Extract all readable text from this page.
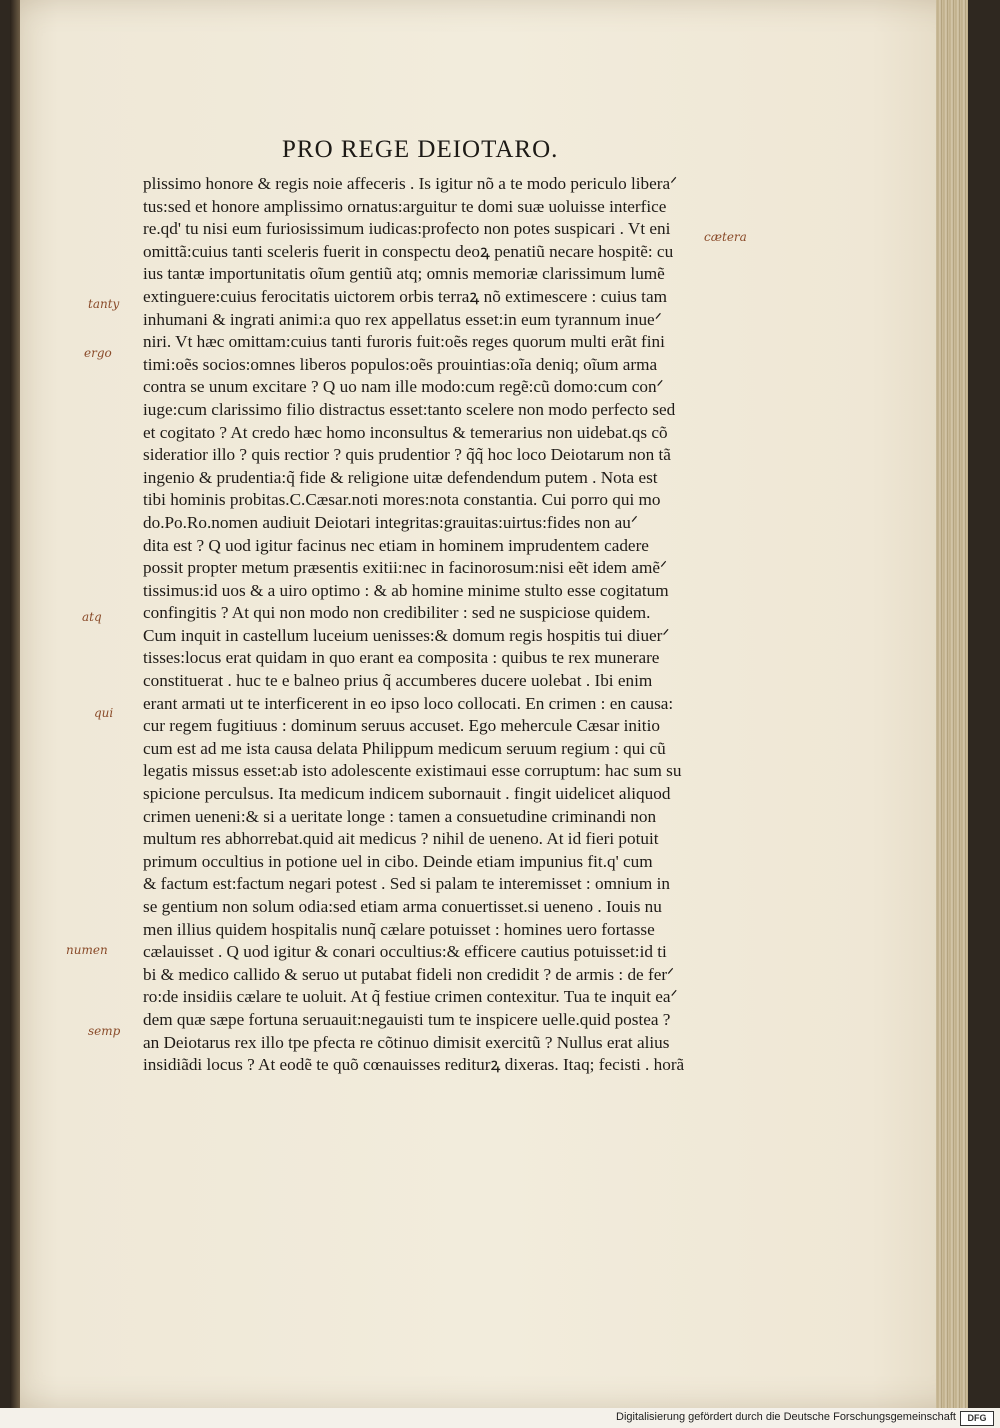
PRO REGE DEIOTARO.
plissimo honore & regis noie affeceris . Is igitur nõ a te modo periculo liberaᐟ
tus:sed et honore amplissimo ornatus:arguitur te domi suæ uoluisse interfice
re.qd' tu nisi eum furiosissimum iudicas:profecto non potes suspicari . Vt eni
omittã:cuius tanti sceleris fuerit in conspectu deoꝝ penatiũ necare hospitẽ: cu
ius tantæ importunitatis oĩum gentiũ atq; omnis memoriæ clarissimum lumẽ
extinguere:cuius ferocitatis uictorem orbis terraꝝ nõ extimescere : cuius tam
inhumani & ingrati animi:a quo rex appellatus esset:in eum tyrannum inueᐟ
niri. Vt hæc omittam:cuius tanti furoris fuit:oẽs reges quorum multi erãt fini
timi:oẽs socios:omnes liberos populos:oẽs prouintias:oĩa deniq; oĩum arma
contra se unum excitare ? Q uo nam ille modo:cum regẽ:cũ domo:cum conᐟ
iuge:cum clarissimo filio distractus esset:tanto scelere non modo perfecto sed
et cogitato ? At credo hæc homo inconsultus & temerarius non uidebat.qs cõ
sideratior illo ? quis rectior ? quis prudentior ? q̃q̃ hoc loco Deiotarum non tã
ingenio & prudentia:q̃ fide & religione uitæ defendendum putem . Nota est
tibi hominis probitas.C.Cæsar.noti mores:nota constantia. Cui porro qui mo
do.Po.Ro.nomen audiuit Deiotari integritas:grauitas:uirtus:fides non auᐟ
dita est ? Q uod igitur facinus nec etiam in hominem imprudentem cadere
possit propter metum præsentis exitii:nec in facinorosum:nisi eẽt idem amẽᐟ
tissimus:id uos & a uiro optimo : & ab homine minime stulto esse cogitatum
confingitis ? At qui non modo non credibiliter : sed ne suspiciose quidem.
Cum inquit in castellum luceium uenisses:& domum regis hospitis tui diuerᐟ
tisses:locus erat quidam in quo erant ea composita : quibus te rex munerare
constituerat . huc te e balneo prius q̃ accumberes ducere uolebat . Ibi enim
erant armati ut te interficerent in eo ipso loco collocati. En crimen : en causa:
cur regem fugitiuus : dominum seruus accuset. Ego mehercule Cæsar initio
cum est ad me ista causa delata Philippum medicum seruum regium : qui cũ
legatis missus esset:ab isto adolescente existimaui esse corruptum: hac sum su
spicione perculsus. Ita medicum indicem subornauit . fingit uidelicet aliquod
crimen ueneni:& si a ueritate longe : tamen a consuetudine criminandi non
multum res abhorrebat.quid ait medicus ? nihil de ueneno. At id fieri potuit
primum occultius in potione uel in cibo. Deinde etiam impunius fit.q' cum
& factum est:factum negari potest . Sed si palam te interemisset : omnium in
se gentium non solum odia:sed etiam arma conuertisset.si ueneno . Iouis nu
men illius quidem hospitalis nunq̃ cælare potuisset : homines uero fortasse
cælauisset . Q uod igitur & conari occultius:& efficere cautius potuisset:id ti
bi & medico callido & seruo ut putabat fideli non credidit ? de armis : de ferᐟ
ro:de insidiis cælare te uoluit. At q̃ festiue crimen contexitur. Tua te inquit eaᐟ
dem quæ sæpe fortuna seruauit:negauisti tum te inspicere uelle.quid postea ?
an Deiotarus rex illo tpe pfecta re cõtinuo dimisit exercitũ ? Nullus erat alius
insidiãdi locus ? At eodẽ te quõ cœnauisses rediturꝝ dixeras. Itaq; fecisti . horã
cætera
tanty
ergo
atq
qui
numen
semp
Digitalisierung gefördert durch die Deutsche Forschungsgemeinschaft	DFG
